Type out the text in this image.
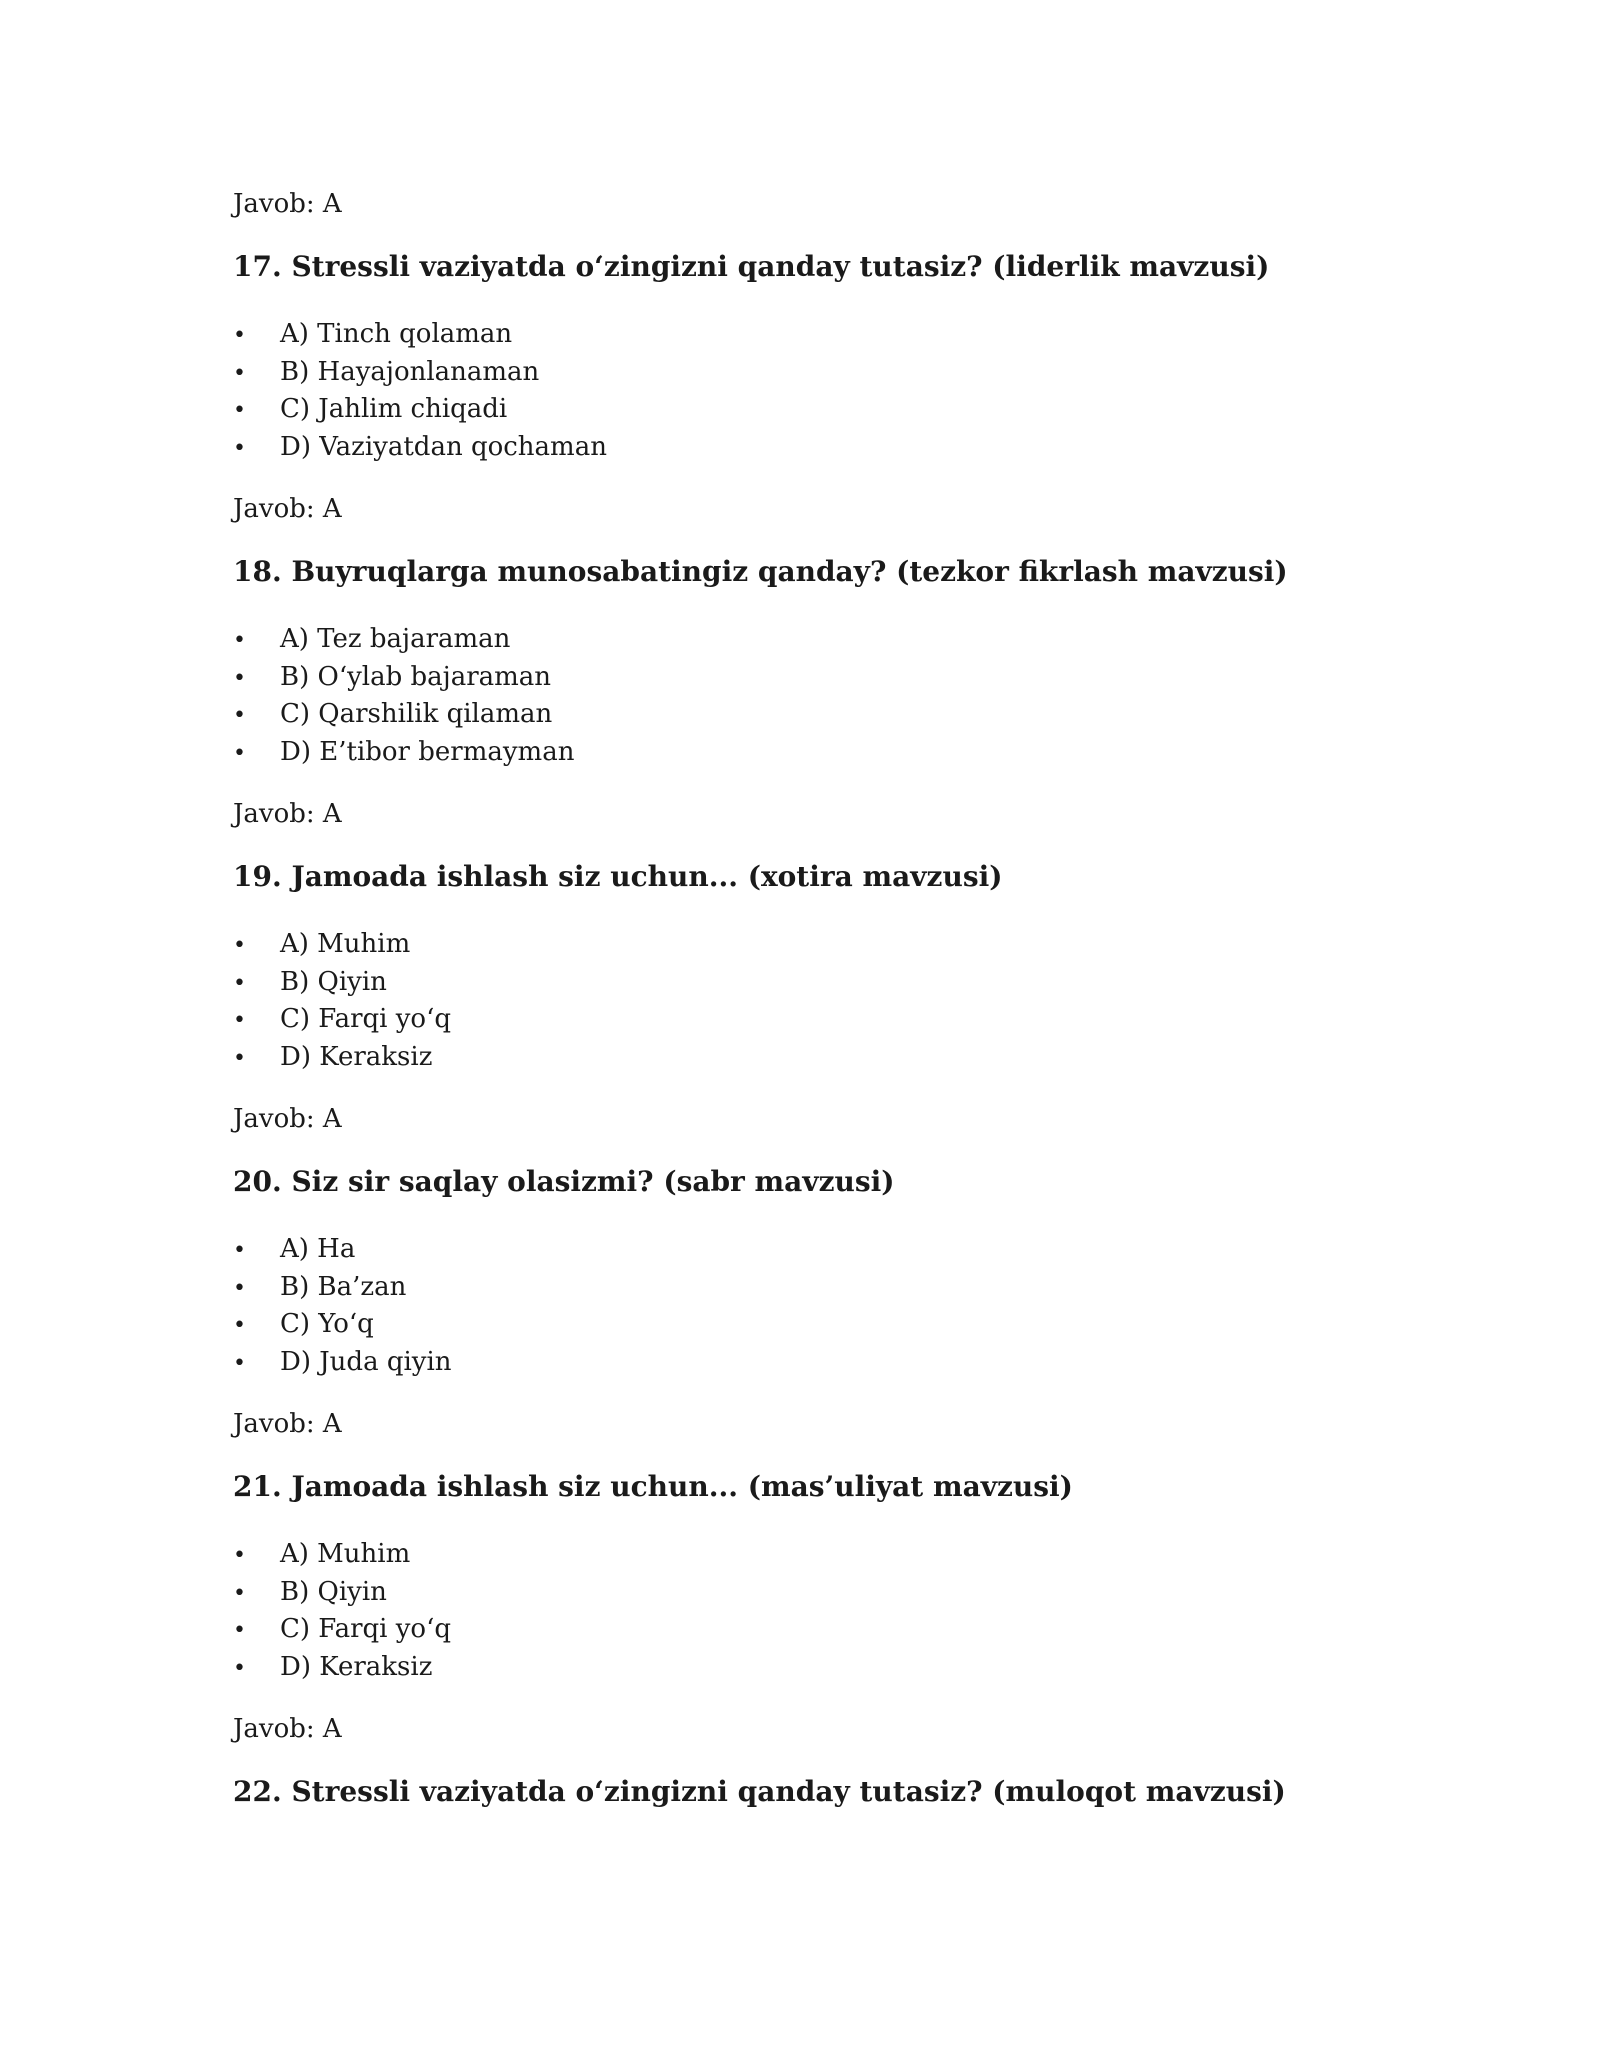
Javob: A
17. Stressli vaziyatda o‘zingizni qanday tutasiz? (liderlik mavzusi)
• A) Tinch qolaman
• B) Hayajonlanaman
• C) Jahlim chiqadi
• D) Vaziyatdan qochaman
Javob: A
18. Buyruqlarga munosabatingiz qanday? (tezkor fikrlash mavzusi)
• A) Tez bajaraman
• B) O‘ylab bajaraman
• C) Qarshilik qilaman
• D) E’tibor bermayman
Javob: A
19. Jamoada ishlash siz uchun... (xotira mavzusi)
• A) Muhim
• B) Qiyin
• C) Farqi yo‘q
• D) Keraksiz
Javob: A
20. Siz sir saqlay olasizmi? (sabr mavzusi)
• A) Ha
• B) Ba’zan
• C) Yo‘q
• D) Juda qiyin
Javob: A
21. Jamoada ishlash siz uchun... (mas’uliyat mavzusi)
• A) Muhim
• B) Qiyin
• C) Farqi yo‘q
• D) Keraksiz
Javob: A
22. Stressli vaziyatda o‘zingizni qanday tutasiz? (muloqot mavzusi)
